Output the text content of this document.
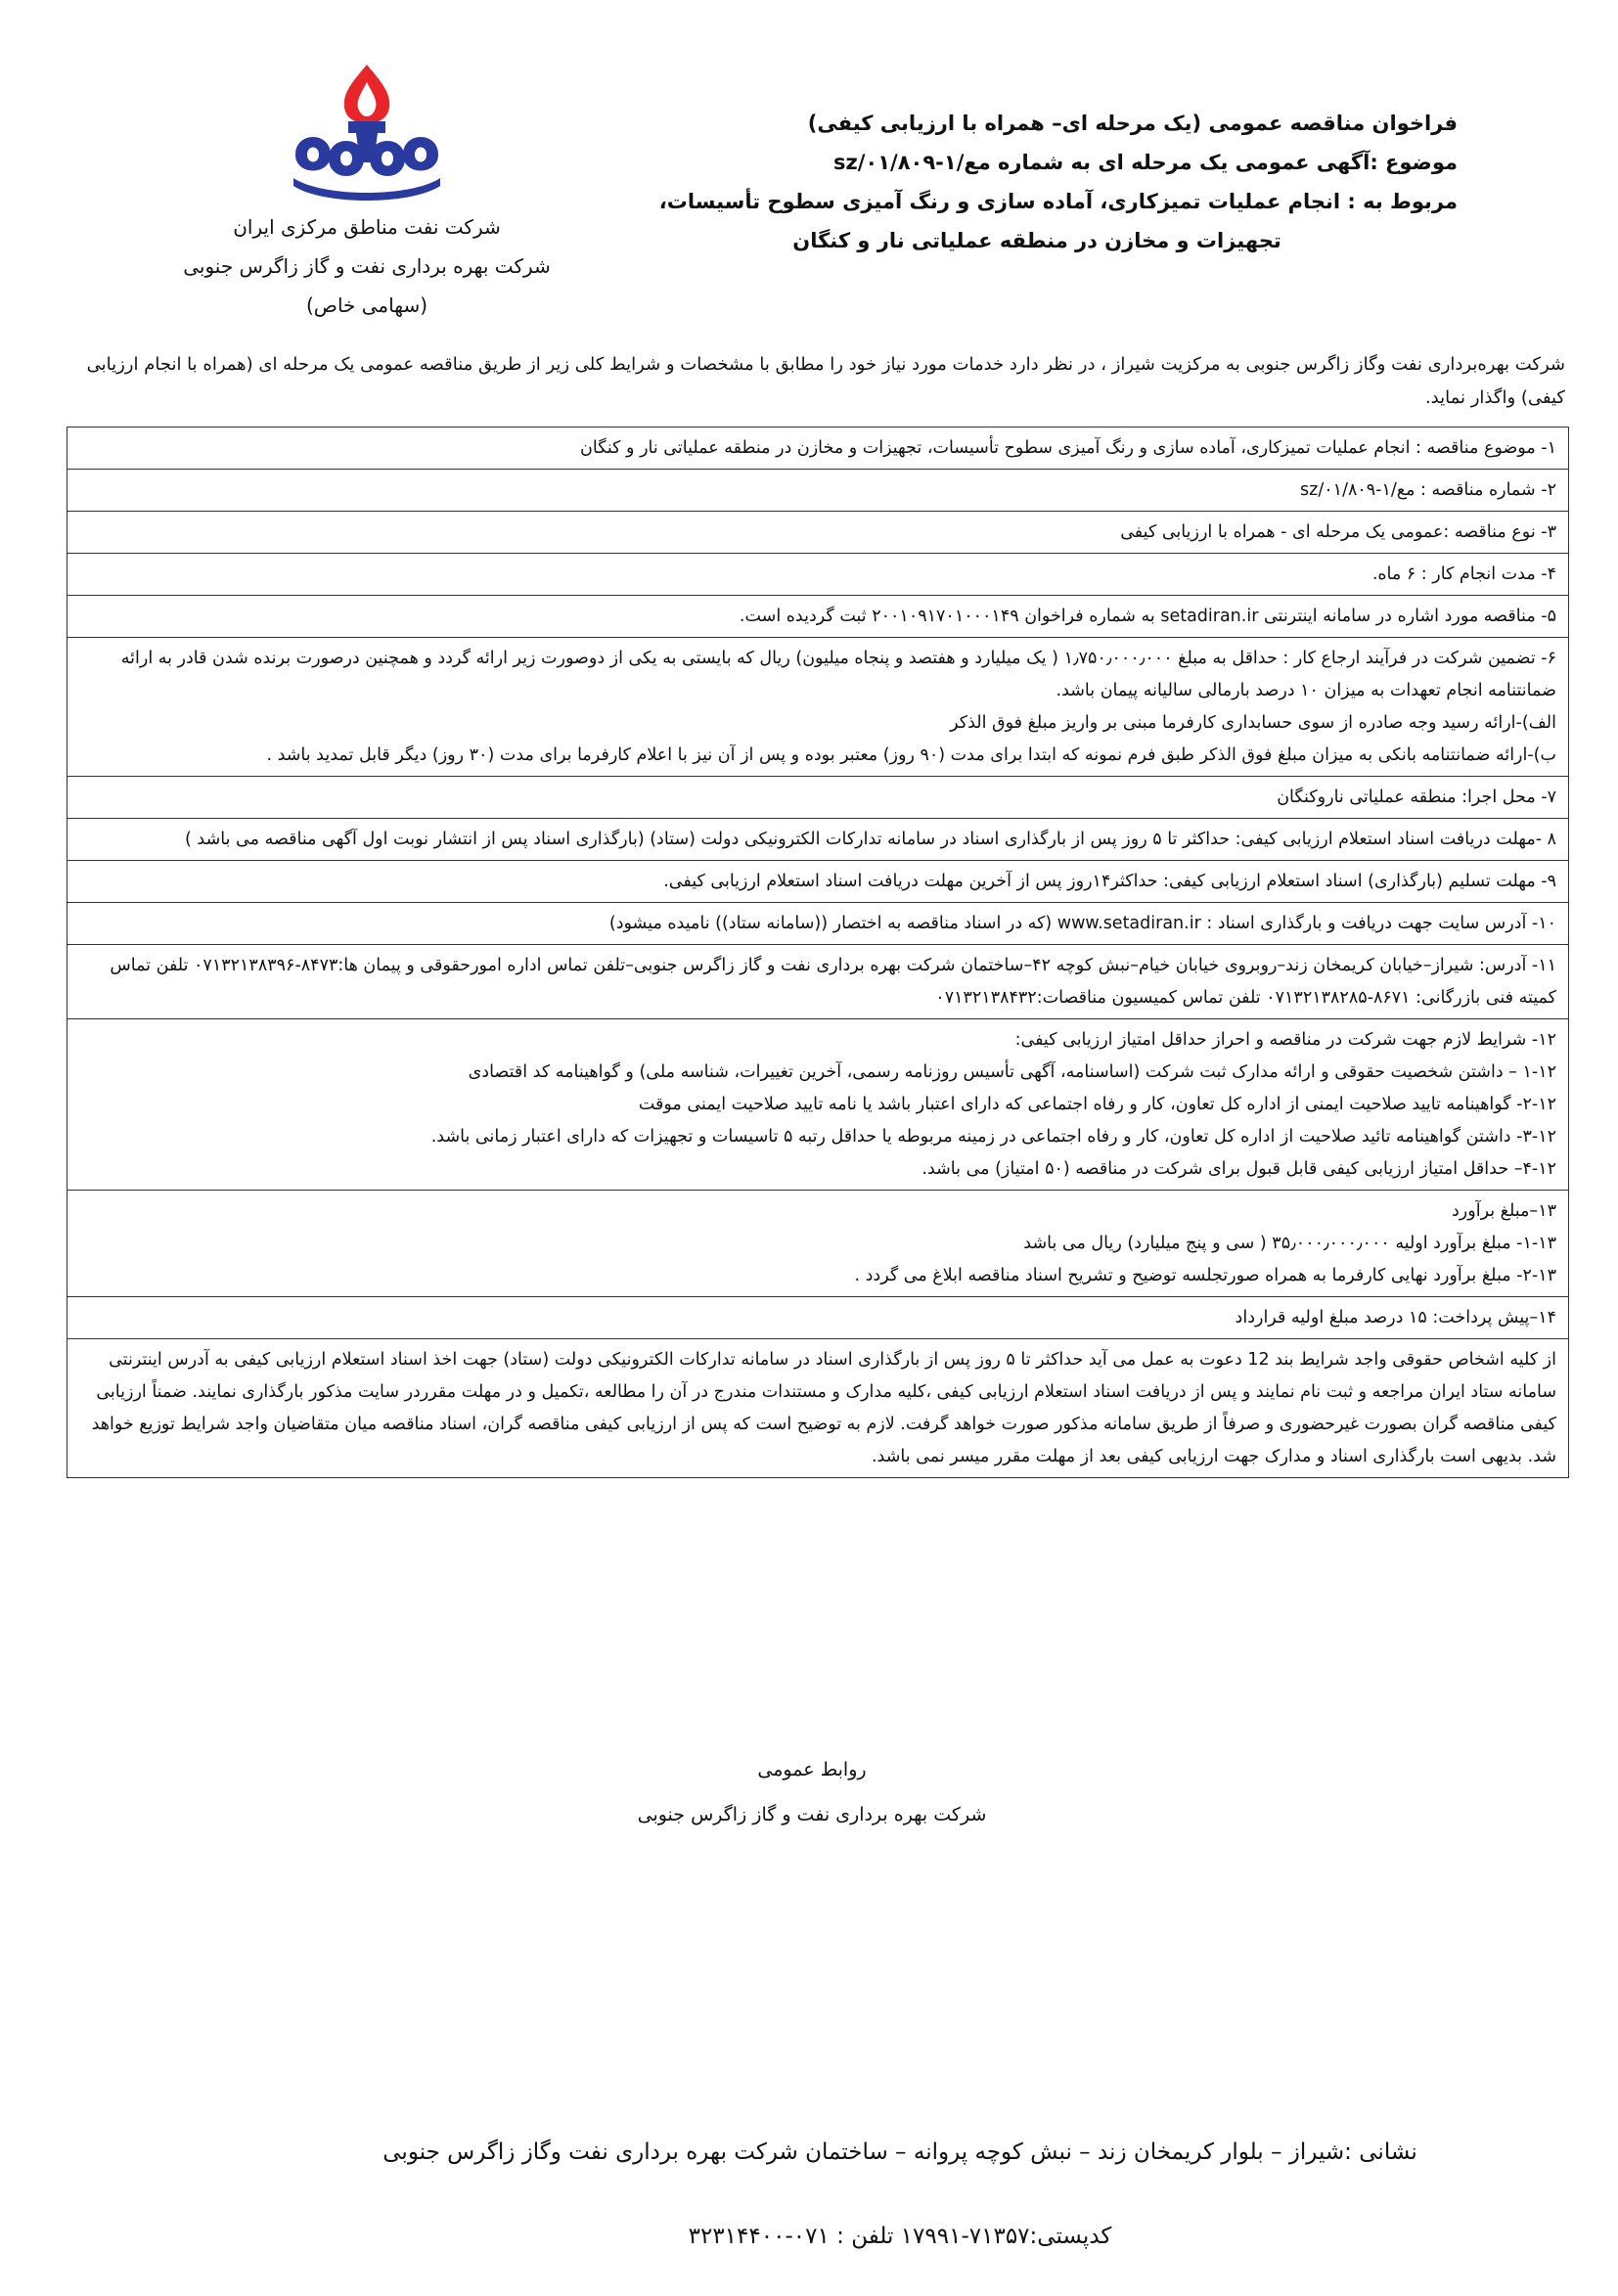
شرکت نفت مناطق مرکزی ایران
شرکت بهره برداری نفت و گاز زاگرس جنوبی
(سهامی خاص)
فراخوان مناقصه عمومی (یک مرحله ای– همراه با ارزیابی کیفی)
موضوع :آگهی عمومی یک مرحله ای به شماره مع/۱-۰۱/۸۰۹/sz
مربوط به : انجام عملیات تمیزکاری، آماده سازی و رنگ آمیزی سطوح تأسیسات،
تجهیزات و مخازن در منطقه عملیاتی نار و کنگان
شرکت بهره‌برداری نفت وگاز زاگرس جنوبی به مرکزیت شیراز ، در نظر دارد خدمات مورد نیاز خود را مطابق با مشخصات و شرایط کلی زیر از طریق مناقصه عمومی یک مرحله ای (همراه با انجام ارزیابی کیفی) واگذار نماید.
۱- موضوع مناقصه : انجام عملیات تمیزکاری، آماده سازی و رنگ آمیزی سطوح تأسیسات، تجهیزات و مخازن در منطقه عملیاتی نار و کنگان

۲- شماره مناقصه : مع/۱-۰۱/۸۰۹/sz

۳- نوع مناقصه :عمومی یک مرحله ای - همراه با ارزیابی کیفی

۴- مدت انجام کار : ۶ ماه.

۵- مناقصه مورد اشاره در سامانه اینترنتی setadiran.ir به شماره فراخوان ۲۰۰۱۰۹۱۷۰۱۰۰۰۱۴۹ ثبت گردیده است.

۶- تضمین شرکت در فرآیند ارجاع کار : حداقل به مبلغ ۱٫۷۵۰٫۰۰۰٫۰۰۰ ( یک میلیارد و هفتصد و پنجاه میلیون) ریال که بایستی به یکی از دوصورت زیر ارائه گردد و همچنین درصورت برنده شدن قادر به ارائه ضمانتنامه انجام تعهدات به میزان ۱۰ درصد بارمالی سالیانه پیمان باشد.
الف)-ارائه رسید وجه صادره از سوی حسابداری کارفرما مبنی بر واریز مبلغ فوق الذکر
ب)-ارائه ضمانتنامه بانکی به میزان مبلغ فوق الذکر طبق فرم نمونه که ابتدا برای مدت (۹۰ روز) معتبر بوده و پس از آن نیز با اعلام کارفرما برای مدت (۳۰ روز) دیگر قابل تمدید باشد .

۷- محل اجرا: منطقه عملیاتی ناروکنگان

۸ -مهلت دریافت اسناد استعلام ارزیابی کیفی: حداکثر تا ۵ روز پس از بارگذاری اسناد در سامانه تدارکات الکترونیکی دولت (ستاد) (بارگذاری اسناد پس از انتشار نوبت اول آگهی مناقصه می باشد )

۹- مهلت تسلیم (بارگذاری) اسناد استعلام ارزیابی کیفی: حداکثر۱۴روز پس از آخرین مهلت دریافت اسناد استعلام ارزیابی کیفی.

۱۰- آدرس سایت جهت دریافت و بارگذاری اسناد : www.setadiran.ir (که در اسناد مناقصه به اختصار ((سامانه ستاد)) نامیده میشود)

۱۱- آدرس: شیراز–خیابان کریمخان زند–روبروی خیابان خیام–نبش کوچه ۴۲–ساختمان شرکت بهره برداری نفت و گاز زاگرس جنوبی–تلفن تماس اداره امورحقوقی و پیمان ها:۸۴۷۳-۰۷۱۳۲۱۳۸۳۹۶ تلفن تماس کمیته فنی بازرگانی: ۸۶۷۱-۰۷۱۳۲۱۳۸۲۸۵ تلفن تماس کمیسیون مناقصات:۰۷۱۳۲۱۳۸۴۳۲

۱۲- شرایط لازم جهت شرکت در مناقصه و احراز حداقل امتیاز ارزیابی کیفی:
۱-۱۲ – داشتن شخصیت حقوقی و ارائه مدارک ثبت شرکت (اساسنامه، آگهی تأسیس روزنامه رسمی، آخرین تغییرات، شناسه ملی) و گواهینامه کد اقتصادی
۲-۱۲- گواهینامه تایید صلاحیت ایمنی از اداره کل تعاون، کار و رفاه اجتماعی که دارای اعتبار باشد یا نامه تایید صلاحیت ایمنی موقت
۳-۱۲- داشتن گواهینامه تائید صلاحیت از اداره کل تعاون، کار و رفاه اجتماعی در زمینه مربوطه یا حداقل رتبه ۵ تاسیسات و تجهیزات که دارای اعتبار زمانی باشد.
۴-۱۲– حداقل امتیاز ارزیابی کیفی قابل قبول برای شرکت در مناقصه (۵۰ امتیاز) می باشد.

۱۳–مبلغ برآورد
۱-۱۳- مبلغ برآورد اولیه ۳۵٫۰۰۰٫۰۰۰٫۰۰۰ ( سی و پنج میلیارد) ریال می باشد
۲-۱۳- مبلغ برآورد نهایی کارفرما به همراه صورتجلسه توضیح و تشریح اسناد مناقصه ابلاغ می گردد .

۱۴–پیش پرداخت: ۱۵ درصد مبلغ اولیه قرارداد

از کلیه اشخاص حقوقی واجد شرایط بند 12 دعوت به عمل می آید حداکثر تا ۵ روز پس از بارگذاری اسناد در سامانه تدارکات الکترونیکی دولت (ستاد) جهت اخذ اسناد استعلام ارزیابی کیفی به آدرس اینترنتی سامانه ستاد ایران مراجعه و ثبت نام نمایند و پس از دریافت اسناد استعلام ارزیابی کیفی ،کلیه مدارک و مستندات مندرج در آن را مطالعه ،تکمیل و در مهلت مقرردر سایت مذکور بارگذاری نمایند. ضمناً ارزیابی کیفی مناقصه گران بصورت غیرحضوری و صرفاً از طریق سامانه مذکور صورت خواهد گرفت. لازم به توضیح است که پس از ارزیابی کیفی مناقصه گران، اسناد مناقصه میان متقاضیان واجد شرایط توزیع خواهد شد. بدیهی است بارگذاری اسناد و مدارک جهت ارزیابی کیفی بعد از مهلت مقرر میسر نمی باشد.
روابط عمومی
شرکت بهره برداری نفت و گاز زاگرس جنوبی
نشانی :شیراز – بلوار کریمخان زند – نبش کوچه پروانه – ساختمان شرکت بهره برداری نفت وگاز زاگرس جنوبی
کدپستی:۷۱۳۵۷-۱۷۹۹۱ تلفن : ۰۷۱-۳۲۳۱۴۴۰۰
